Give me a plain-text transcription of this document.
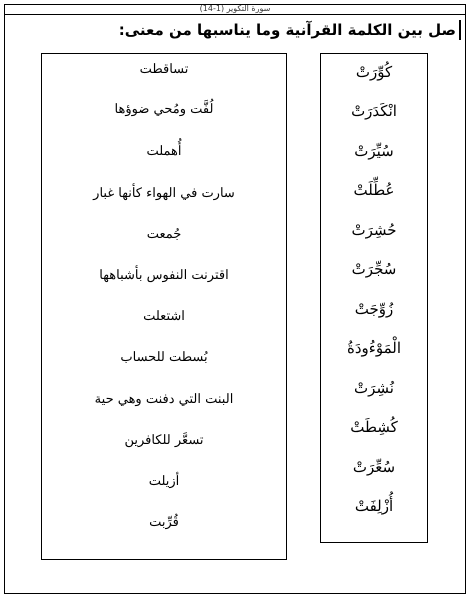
سورة التكوير (1-14)
صل بين الكلمة القرآنية وما يناسبها من معنى:
كُوِّرَتْ
انْكَدَرَتْ
سُيِّرَتْ
عُطِّلَتْ
حُشِرَتْ
سُجِّرَتْ
زُوِّجَتْ
الْمَوْءُودَةُ
نُشِرَتْ
كُشِطَتْ
سُعِّرَتْ
أُزْلِفَتْ
تساقطت
لُفَّت ومُحي ضوؤها
أُهملت
سارت في الهواء كأنها غبار
جُمعت
اقترنت النفوس بأشباهها
اشتعلت
بُسطت للحساب
البنت التي دفنت وهي حية
تسعَّر للكافرين
أزيلت
قُرِّبت
